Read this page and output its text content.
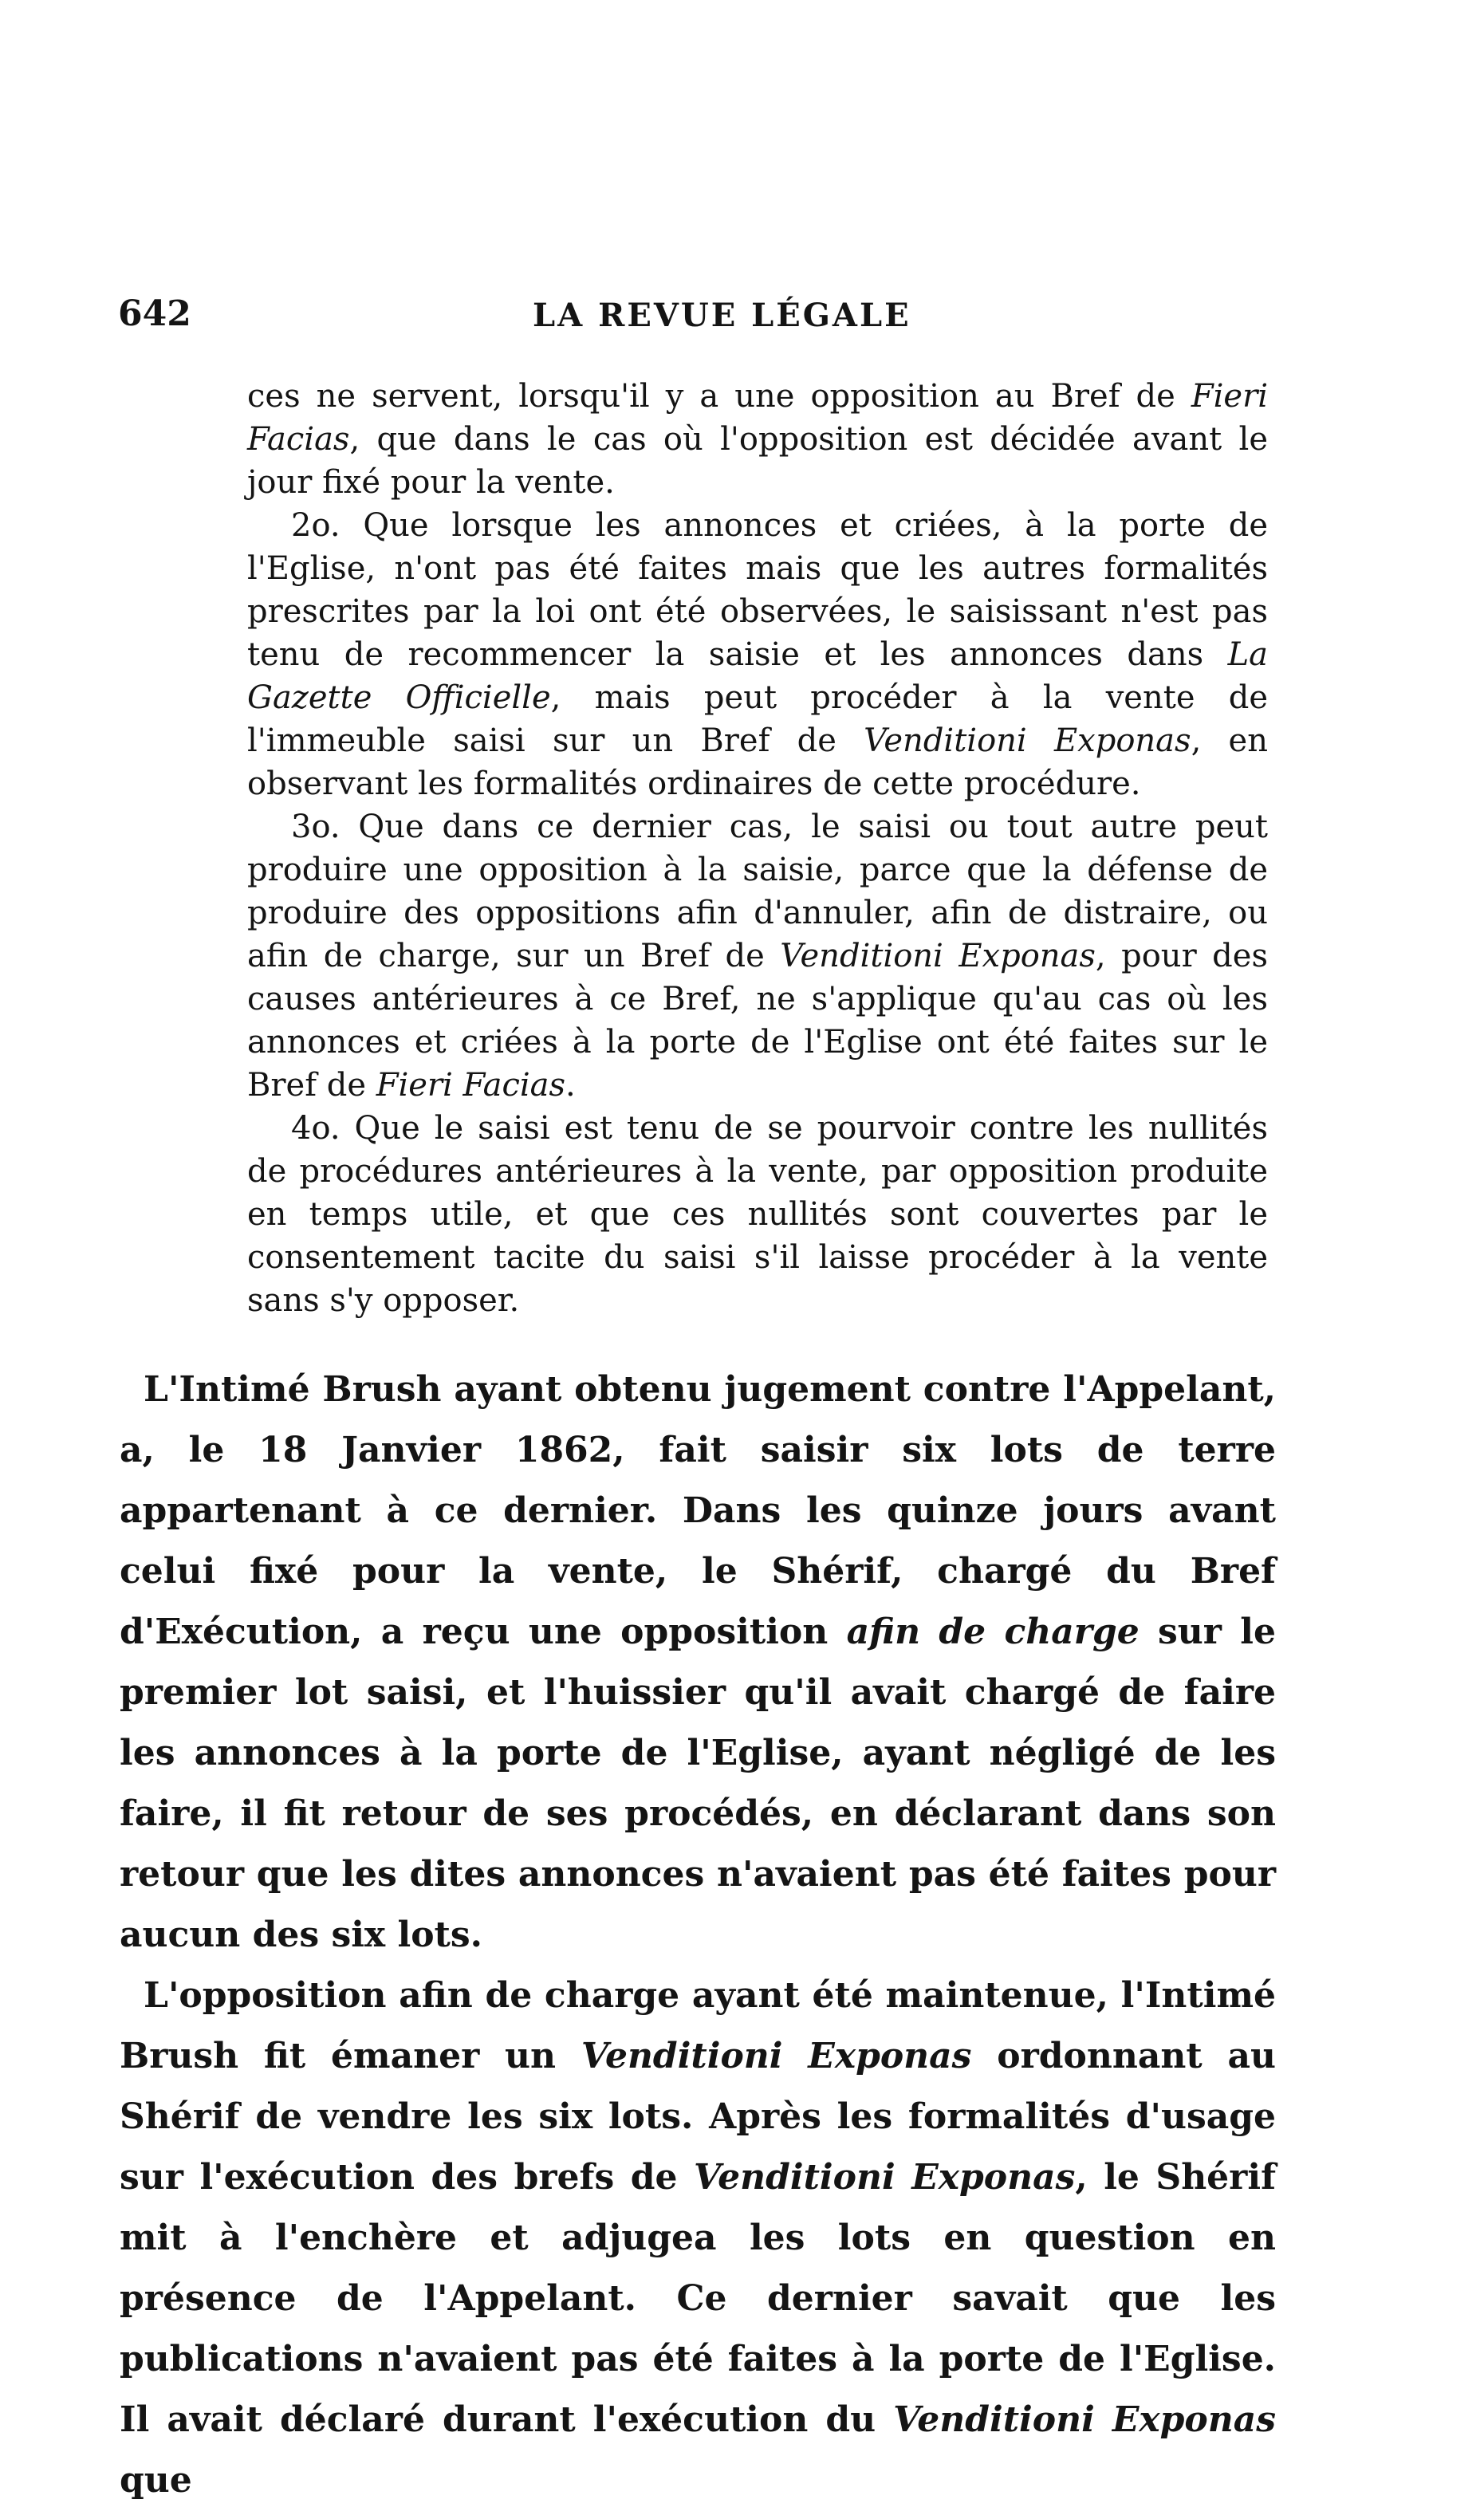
642	LA REVUE LÉGALE

ces ne servent, lorsqu'il y a une opposition au Bref de Fieri Facias, que dans le cas où l'opposition est décidée avant le jour fixé pour la vente.

2o. Que lorsque les annonces et criées, à la porte de l'Eglise, n'ont pas été faites mais que les autres formalités prescrites par la loi ont été observées, le saisissant n'est pas tenu de recommencer la saisie et les annonces dans La Gazette Officielle, mais peut procéder à la vente de l'immeuble saisi sur un Bref de Venditioni Exponas, en observant les formalités ordinaires de cette procédure.

3o. Que dans ce dernier cas, le saisi ou tout autre peut produire une opposition à la saisie, parce que la défense de produire des oppositions afin d'annuler, afin de distraire, ou afin de charge, sur un Bref de Venditioni Exponas, pour des causes antérieures à ce Bref, ne s'applique qu'au cas où les annonces et criées à la porte de l'Eglise ont été faites sur le Bref de Fieri Facias.

4o. Que le saisi est tenu de se pourvoir contre les nullités de procédures antérieures à la vente, par opposition produite en temps utile, et que ces nullités sont couvertes par le consentement tacite du saisi s'il laisse procéder à la vente sans s'y opposer.

L'Intimé Brush ayant obtenu jugement contre l'Appelant, a, le 18 Janvier 1862, fait saisir six lots de terre appartenant à ce dernier. Dans les quinze jours avant celui fixé pour la vente, le Shérif, chargé du Bref d'Exécution, a reçu une opposition afin de charge sur le premier lot saisi, et l'huissier qu'il avait chargé de faire les annonces à la porte de l'Eglise, ayant négligé de les faire, il fit retour de ses procédés, en déclarant dans son retour que les dites annonces n'avaient pas été faites pour aucun des six lots.

L'opposition afin de charge ayant été maintenue, l'Intimé Brush fit émaner un Venditioni Exponas ordonnant au Shérif de vendre les six lots. Après les formalités d'usage sur l'exécution des brefs de Venditioni Exponas, le Shérif mit à l'enchère et adjugea les lots en question en présence de l'Appelant. Ce dernier savait que les publications n'avaient pas été faites à la porte de l'Eglise. Il avait déclaré durant l'exécution du Venditioni Exponas que
